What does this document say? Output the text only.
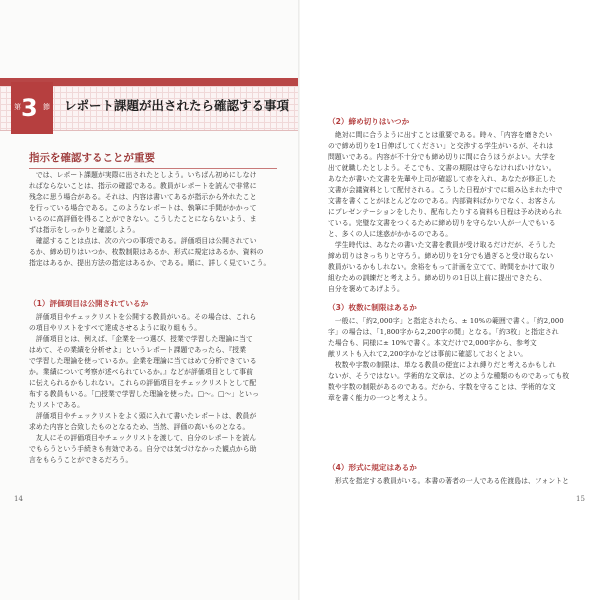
第 3 節 レポート課題が出されたら確認する事項
指示を確認することが重要
　では、レポート課題が実際に出されたとしよう。いちばん初めにしなけ
ればならないことは、指示の確認である。教員がレポートを読んで非常に
残念に思う場合がある。それは、内容は書いてあるが指示から外れたこと
を行っている場合である。このようなレポートは、執筆に手間がかかって
いるのに高評価を得ることができない。こうしたことにならないよう、ま
ずは指示をしっかりと確認しよう。
　確認することは点は、次の六つの事項である。評価項目は公開されてい
るか、締め切りはいつか、枚数制限はあるか、形式に規定はあるか、資料の
指定はあるか、提出方法の指定はあるか、である。順に、詳しく見ていこう。
（1）評価項目は公開されているか
　評価項目やチェックリストを公開する教員がいる。その場合は、これら
の項目やリストをすべて達成させるように取り組もう。
　評価項目とは、例えば、「企業を一つ選び、授業で学習した理論に当て
はめて、その業績を分析せよ」というレポート課題であったら、『授業
で学習した理論を使っているか。企業を理論に当てはめて分析できている
か。業績について考察が述べられているか。』などが評価項目として事前
に伝えられるかもしれない。これらの評価項目をチェックリストとして配
布する教員もいる。「□授業で学習した理論を使った。□〜。□〜」といっ
たリストである。
　評価項目やチェックリストをよく頭に入れて書いたレポートは、教員が
求めた内容と合致したものとなるため、当然、評価の高いものとなる。
　友人にその評価項目やチェックリストを渡して、自分のレポートを読ん
でもらうという手続きも有効である。自分では気づけなかった観点から助
言をもらうことができるだろう。
14
（2）締め切りはいつか
　絶対に間に合うように出すことは重要である。時々、「内容を磨きたい
ので締め切りを1日伸ばしてください」と交渉する学生がいるが、それは
問題いである。内容が不十分でも締め切りに間に合うほうがよい。大学を
出て就職したとしよう。そこでも、文書の期限は守らなければいけない。
あなたが書いた文書を先輩や上司が確認して赤を入れ、あなたが修正した
文書が会議資料として配付される。こうした日程がすでに組み込まれた中で
文書を書くことがほとんどなのである。内部資料ばかりでなく、お客さん
にプレゼンテーションをしたり、配布したりする資料も日程は予め決められ
ている。完璧な文書をつくるために締め切りを守らない人が一人でもいる
と、多くの人に迷惑がかかるのである。
　学生時代は、あなたの書いた文書を教員が受け取るだけだが、そうした
締め切りはきっちりと守ろう。締め切りを1分でも過ぎると受け取らない
教員がいるかもしれない。余裕をもって計画を立てて、時間をかけて取り
組むための訓練だと考えよう。締め切りの1日以上前に提出できたら、
自分を褒めてあげよう。
（3）枚数に制限はあるか
　一般に、「約2,000字」と指定されたら、± 10%の範囲で書く。「約2,000
字」の場合は、「1,800字から2,200字の間」となる。「約3枚」と指定され
た場合も、同様に± 10%で書く。本文だけで2,000字から、参考文
献リストも入れて2,200字かなどは事前に確認しておくとよい。
　枚数や字数の制限は、単なる教員の便宜によれ縛りだと考えるかもしれ
ないが、そうではない。学術的な文章は、どのような種類のものであっても枚
数や字数の制限があるのである。だから、字数を守ることは、学術的な文
章を書く能力の一つと考えよう。
（4）形式に規定はあるか
　形式を指定する教員がいる。本書の著者の一人である佐渡島は、フォントと
15
